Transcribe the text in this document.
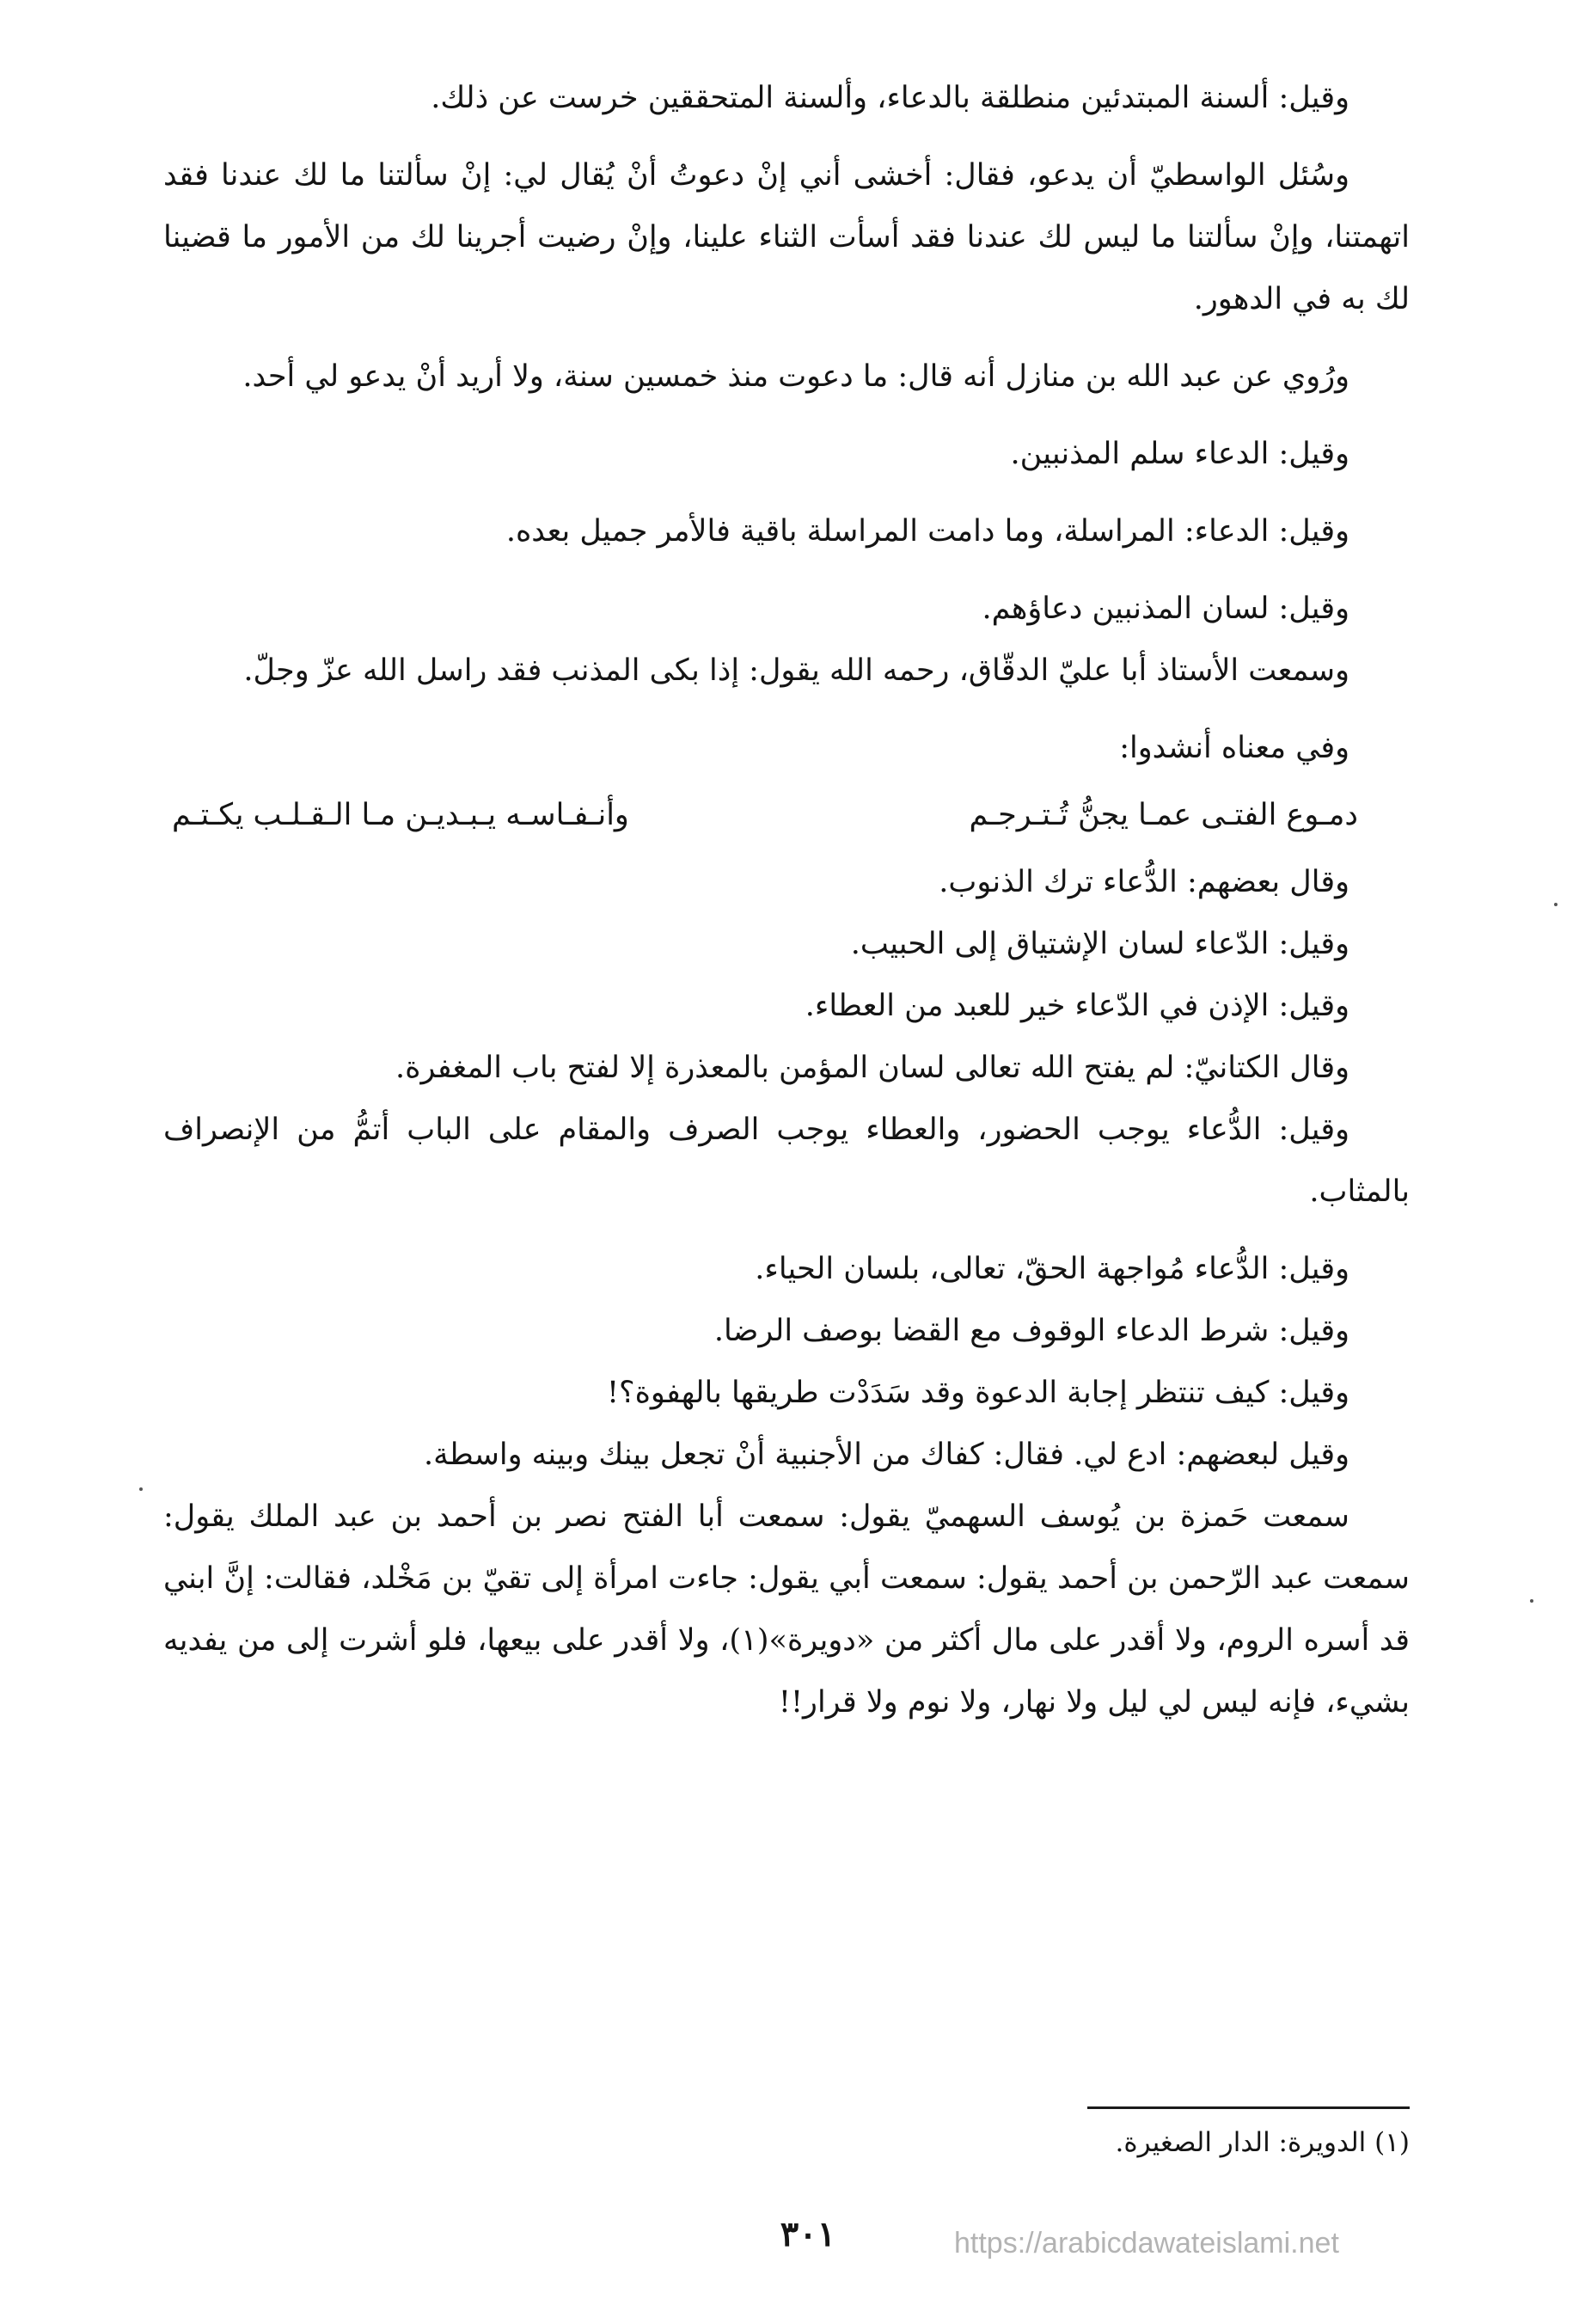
وقيل: ألسنة المبتدئين منطلقة بالدعاء، وألسنة المتحققين خرست عن ذلك.

وسُئل الواسطيّ أن يدعو، فقال: أخشى أني إنْ دعوتُ أنْ يُقال لي: إنْ سألتنا ما لك عندنا فقد اتهمتنا، وإنْ سألتنا ما ليس لك عندنا فقد أسأت الثناء علينا، وإنْ رضيت أجرينا لك من الأمور ما قضينا لك به في الدهور.

ورُوي عن عبد الله بن منازل أنه قال: ما دعوت منذ خمسين سنة، ولا أريد أنْ يدعو لي أحد.

وقيل: الدعاء سلم المذنبين.

وقيل: الدعاء: المراسلة، وما دامت المراسلة باقية فالأمر جميل بعده.

وقيل: لسان المذنبين دعاؤهم.

وسمعت الأستاذ أبا عليّ الدقّاق، رحمه الله يقول: إذا بكى المذنب فقد راسل الله عزّ وجلّ.

وفي معناه أنشدوا:

دمـوع الفتـى عمـا يجنُّ تُـتـرجـم
وأنـفـاسـه يـبـديـن مـا الـقـلـب يكـتـم

وقال بعضهم: الدُّعاء ترك الذنوب.

وقيل: الدّعاء لسان الإشتياق إلى الحبيب.

وقيل: الإذن في الدّعاء خير للعبد من العطاء.

وقال الكتانيّ: لم يفتح الله تعالى لسان المؤمن بالمعذرة إلا لفتح باب المغفرة.

وقيل: الدُّعاء يوجب الحضور، والعطاء يوجب الصرف والمقام على الباب أتمُّ من الإنصراف بالمثاب.

وقيل: الدُّعاء مُواجهة الحقّ، تعالى، بلسان الحياء.

وقيل: شرط الدعاء الوقوف مع القضا بوصف الرضا.

وقيل: كيف تنتظر إجابة الدعوة وقد سَدَدْت طريقها بالهفوة؟!

وقيل لبعضهم: ادع لي. فقال: كفاك من الأجنبية أنْ تجعل بينك وبينه واسطة.

سمعت حَمزة بن يُوسف السهميّ يقول: سمعت أبا الفتح نصر بن أحمد بن عبد الملك يقول: سمعت عبد الرّحمن بن أحمد يقول: سمعت أبي يقول: جاءت امرأة إلى تقيّ بن مَخْلد، فقالت: إنَّ ابني قد أسره الروم، ولا أقدر على مال أكثر من «دويرة»(١)، ولا أقدر على بيعها، فلو أشرت إلى من يفديه بشيء، فإنه ليس لي ليل ولا نهار، ولا نوم ولا قرار!!

(١) الدويرة: الدار الصغيرة.
٣٠١	https://arabicdawateislami.net
